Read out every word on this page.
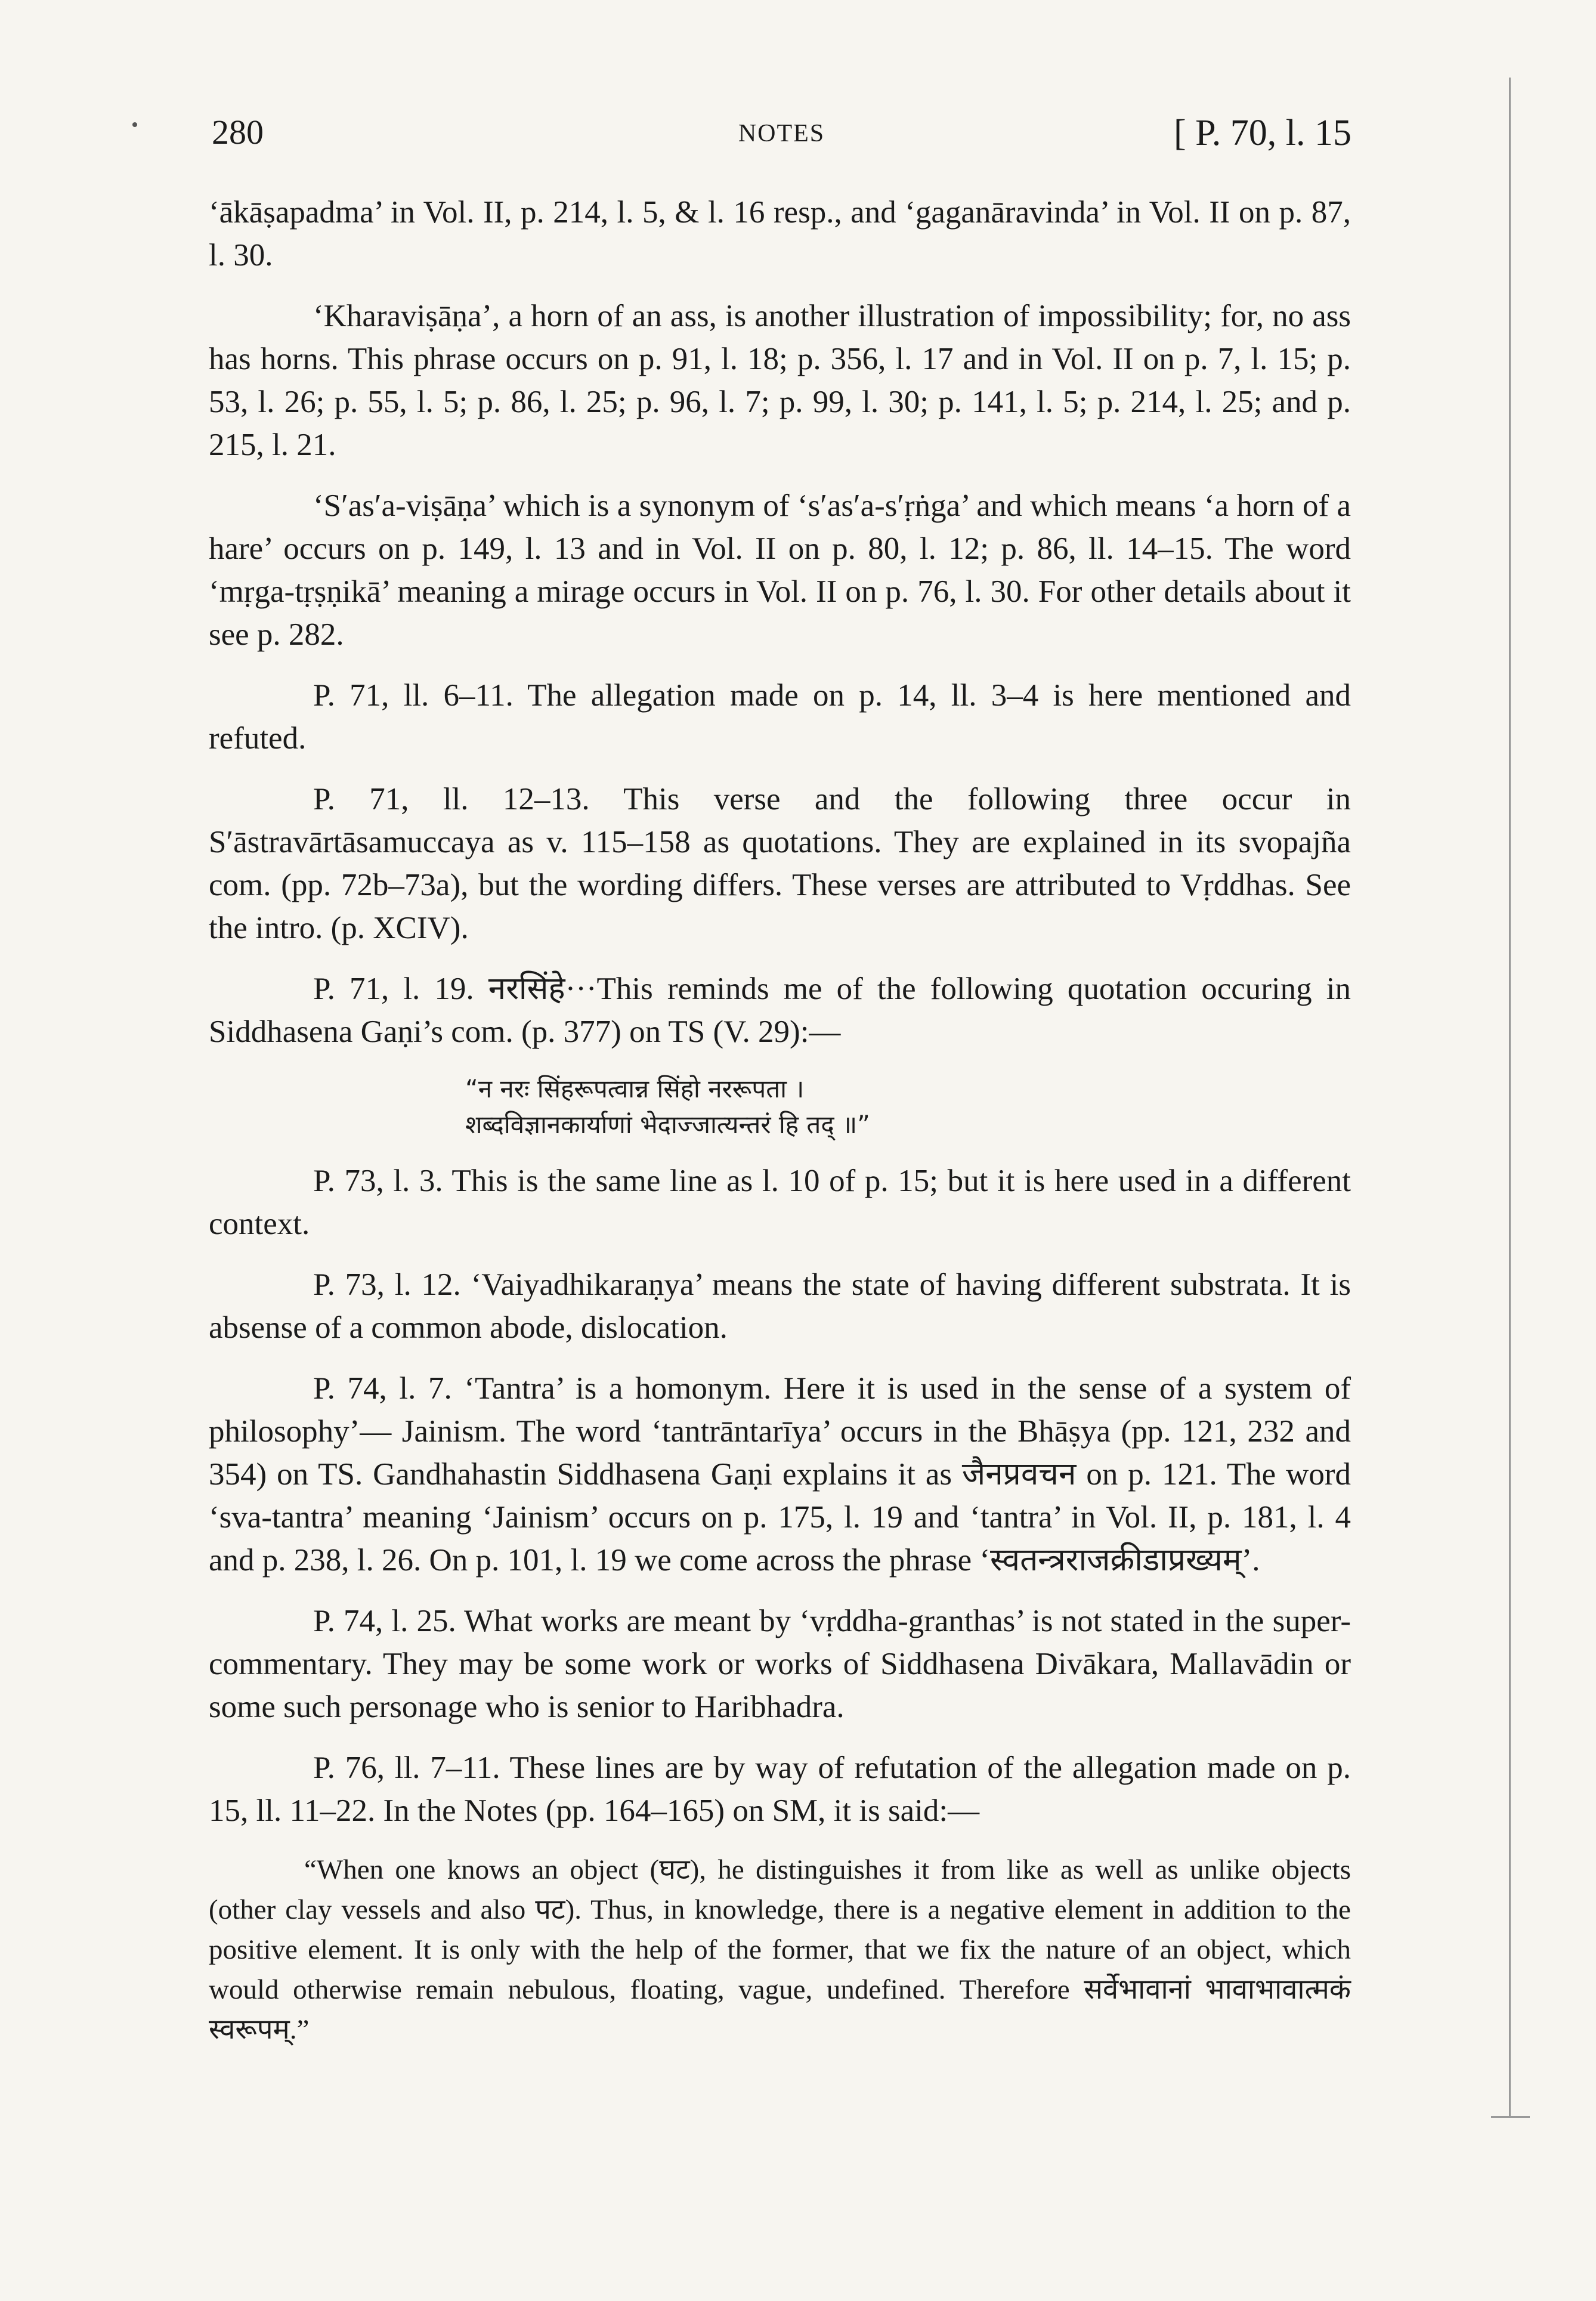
280	NOTES	[ P. 70, l. 15

‘ākāṣapadma’ in Vol. II, p. 214, l. 5, & l. 16 resp., and ‘gaganāravinda’ in Vol. II on p. 87, l. 30.

‘Kharaviṣāṇa’, a horn of an ass, is another illustration of impossibility; for, no ass has horns. This phrase occurs on p. 91, l. 18; p. 356, l. 17 and in Vol. II on p. 7, l. 15; p. 53, l. 26; p. 55, l. 5; p. 86, l. 25; p. 96, l. 7; p. 99, l. 30; p. 141, l. 5; p. 214, l. 25; and p. 215, l. 21.

‘S′as′a-viṣāṇa’ which is a synonym of ‘s′as′a-s′ṛṅga’ and which means ‘a horn of a hare’ occurs on p. 149, l. 13 and in Vol. II on p. 80, l. 12; p. 86, ll. 14–15. The word ‘mṛga-tṛṣṇikā’ meaning a mirage occurs in Vol. II on p. 76, l. 30. For other details about it see p. 282.

P. 71, ll. 6–11. The allegation made on p. 14, ll. 3–4 is here mentioned and refuted.

P. 71, ll. 12–13. This verse and the following three occur in S′āstravārtāsamuccaya as v. 115–158 as quotations. They are explained in its svopajña com. (pp. 72b–73a), but the wording differs. These verses are attributed to Vṛddhas. See the intro. (p. XCIV).

P. 71, l. 19. नरसिंहे···This reminds me of the following quotation occuring in Siddhasena Gaṇi’s com. (p. 377) on TS (V. 29):—

“न नरः सिंहरूपत्वान्न सिंहो नररूपता ।
शब्दविज्ञानकार्याणां भेदाज्जात्यन्तरं हि तद् ॥”

P. 73, l. 3. This is the same line as l. 10 of p. 15; but it is here used in a different context.

P. 73, l. 12. ‘Vaiyadhikaraṇya’ means the state of having different substrata. It is absense of a common abode, dislocation.

P. 74, l. 7. ‘Tantra’ is a homonym. Here it is used in the sense of a system of philosophy’— Jainism. The word ‘tantrāntarīya’ occurs in the Bhāṣya (pp. 121, 232 and 354) on TS. Gandhahastin Siddhasena Gaṇi explains it as जैनप्रवचन on p. 121. The word ‘sva-tantra’ meaning ‘Jainism’ occurs on p. 175, l. 19 and ‘tantra’ in Vol. II, p. 181, l. 4 and p. 238, l. 26. On p. 101, l. 19 we come across the phrase ‘स्वतन्त्रराजक्रीडाप्रख्यम्’.

P. 74, l. 25. What works are meant by ‘vṛddha-granthas’ is not stated in the super-commentary. They may be some work or works of Siddhasena Divākara, Mallavādin or some such personage who is senior to Haribhadra.

P. 76, ll. 7–11. These lines are by way of refutation of the allegation made on p. 15, ll. 11–22. In the Notes (pp. 164–165) on SM, it is said:—

“When one knows an object (घट), he distinguishes it from like as well as unlike objects (other clay vessels and also पट). Thus, in knowledge, there is a negative element in addition to the positive element. It is only with the help of the former, that we fix the nature of an object, which would otherwise remain nebulous, floating, vague, undefined. Therefore सर्वेभावानां भावाभावात्मकं स्वरूपम्.”
